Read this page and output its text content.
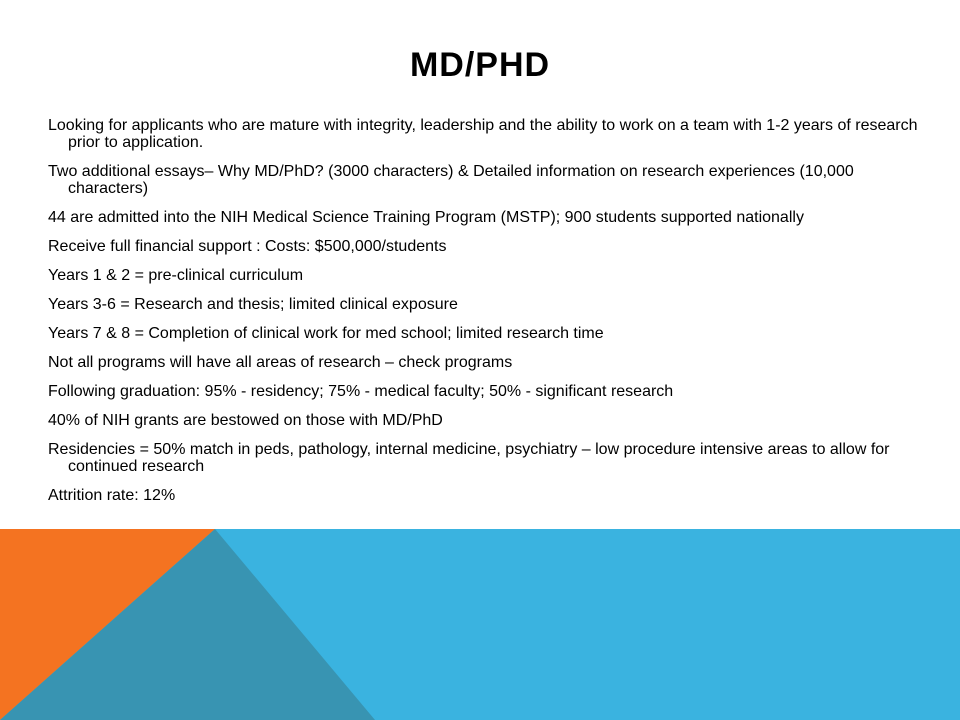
MD/PHD
Looking for applicants who are mature with integrity, leadership and the ability to work on a team with 1-2 years of research prior to application.
Two additional essays– Why MD/PhD? (3000 characters) & Detailed information on research experiences (10,000 characters)
44 are admitted into the NIH Medical Science Training Program (MSTP); 900 students supported nationally
Receive full financial support : Costs: $500,000/students
Years 1 & 2 = pre-clinical curriculum
Years 3-6 = Research and thesis; limited clinical exposure
Years 7 & 8 = Completion of clinical work for med school; limited research time
Not all programs will have all areas of research – check programs
Following graduation: 95% - residency; 75% - medical faculty; 50% - significant research
40% of NIH grants are bestowed on those with MD/PhD
Residencies = 50% match in peds, pathology, internal medicine, psychiatry – low procedure intensive areas to allow for continued research
Attrition rate: 12%
